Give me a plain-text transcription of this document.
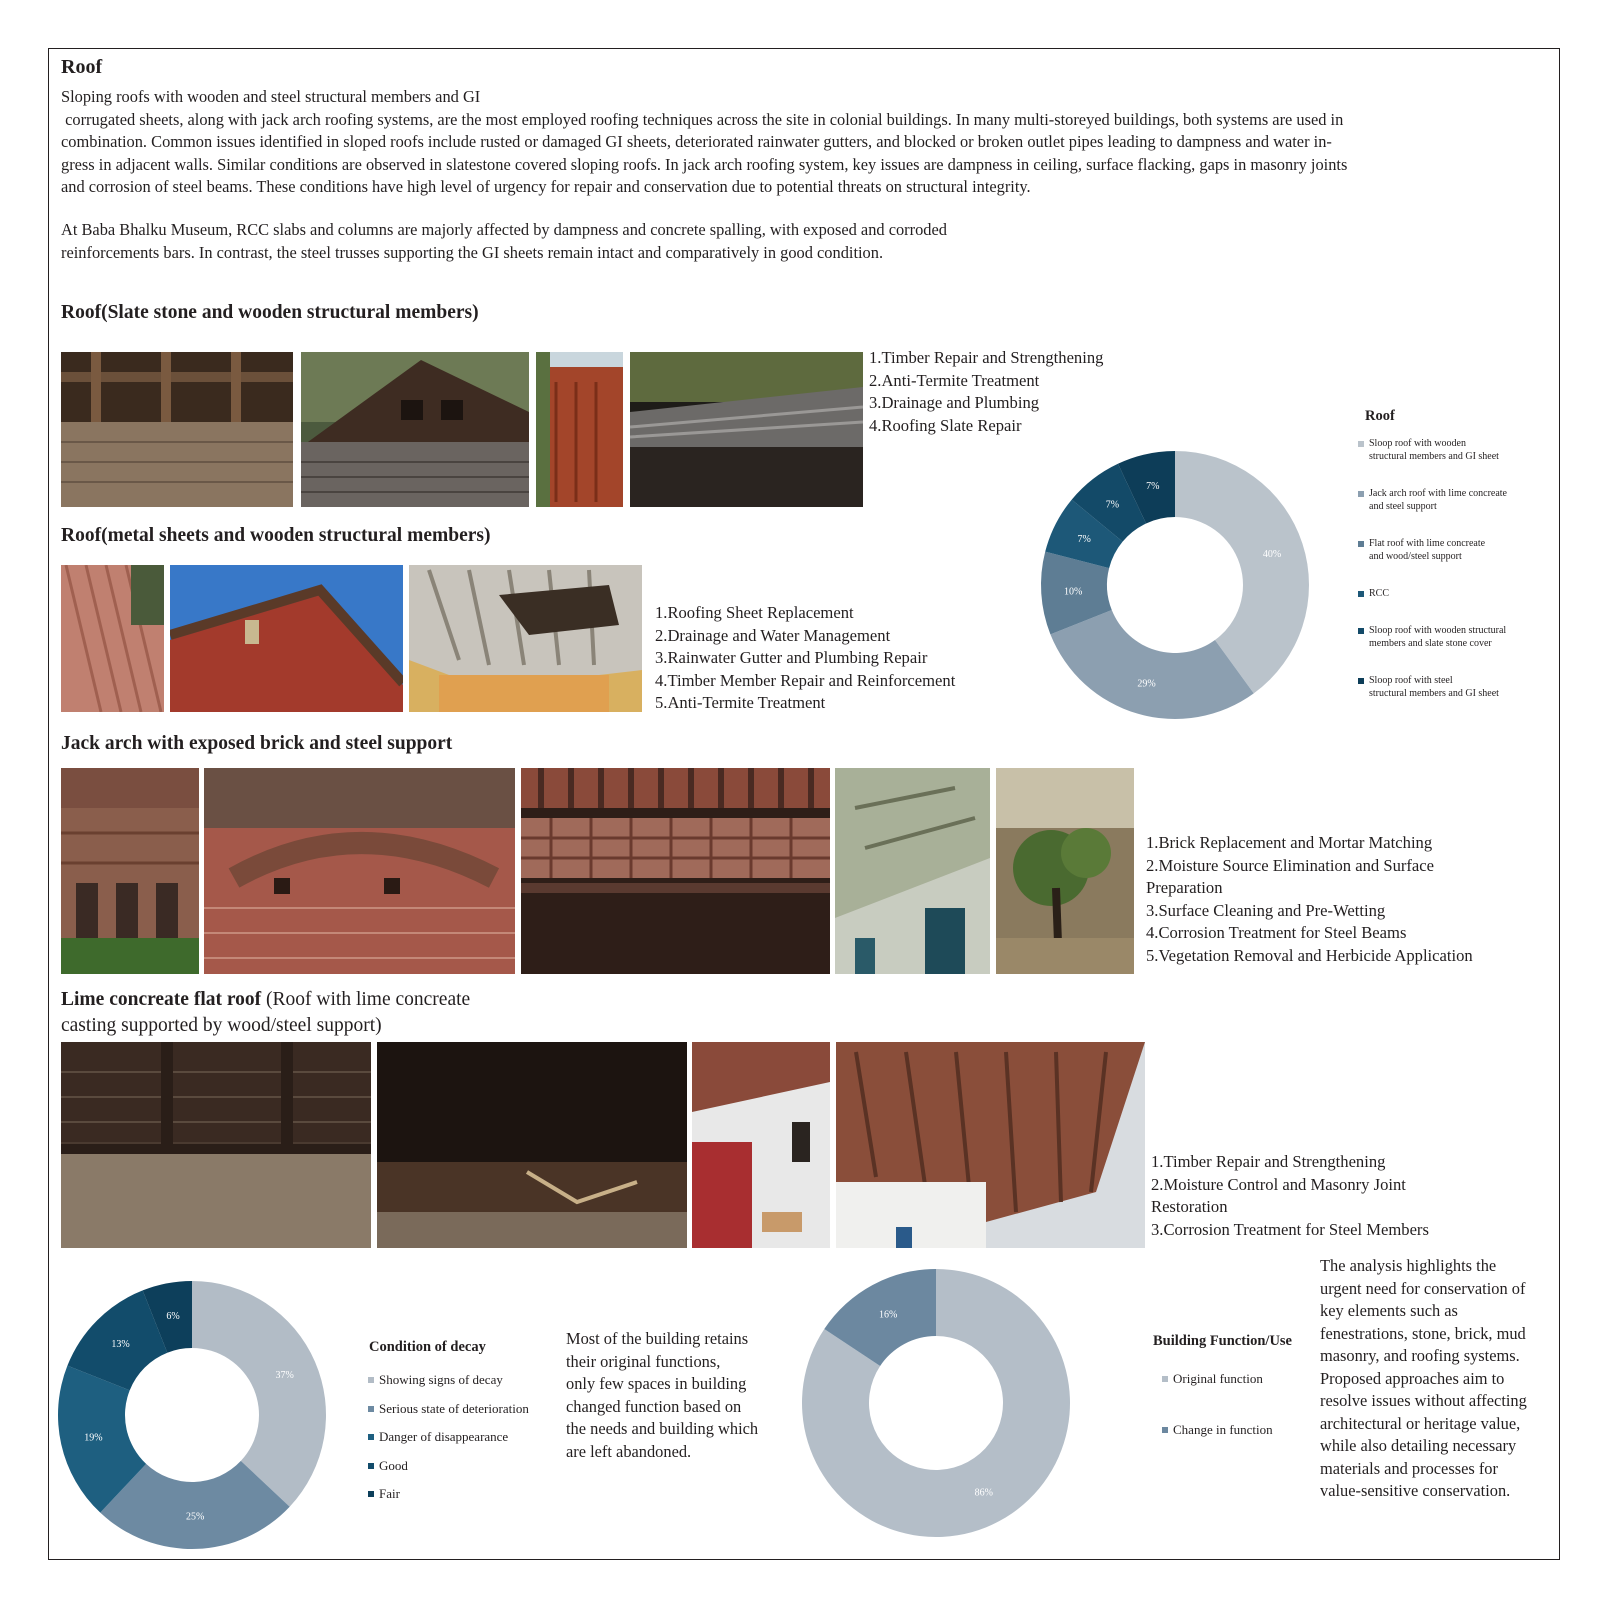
Roof
Sloping roofs with wooden and steel structural members and GI
corrugated sheets, along with jack arch roofing systems, are the most employed roofing techniques across the site in colonial buildings. In many multi-storeyed buildings, both systems are used in
combination. Common issues identified in sloped roofs include rusted or damaged GI sheets, deteriorated rainwater gutters, and blocked or broken outlet pipes leading to dampness and water in-
gress in adjacent walls. Similar conditions are observed in slatestone covered sloping roofs. In jack arch roofing system, key issues are dampness in ceiling, surface flacking, gaps in masonry joints
and corrosion of steel beams. These conditions have high level of urgency for repair and conservation due to potential threats on structural integrity.
At Baba Bhalku Museum, RCC slabs and columns are majorly affected by dampness and concrete spalling, with exposed and corroded
reinforcements bars. In contrast, the steel trusses supporting the GI sheets remain intact and comparatively in good condition.
Roof(Slate stone and wooden structural members)
1.Timber Repair and Strengthening
2.Anti-Termite Treatment
3.Drainage and Plumbing
4.Roofing Slate Repair
40%
29%
10%
7%
7%
7%
Roof
Sloop roof with wooden
structural members and GI sheet
Jack arch roof with lime concreate
and steel support
Flat roof with lime concreate
and wood/steel support
RCC
Sloop roof with wooden structural
members and slate stone cover
Sloop roof with steel
structural members and GI sheet
Roof(metal sheets and wooden structural members)
1.Roofing Sheet Replacement
2.Drainage and Water Management
3.Rainwater Gutter and Plumbing Repair
4.Timber Member Repair and Reinforcement
5.Anti-Termite Treatment
Jack arch with exposed brick and steel support
1.Brick Replacement and Mortar Matching
2.Moisture Source Elimination and Surface
Preparation
3.Surface Cleaning and Pre-Wetting
4.Corrosion Treatment for Steel Beams
5.Vegetation Removal and Herbicide Application
Lime concreate flat roof (Roof with lime concreate
casting supported by wood/steel support)
1.Timber Repair and Strengthening
2.Moisture Control and Masonry Joint
Restoration
3.Corrosion Treatment for Steel Members
37%
25%
19%
13%
6%
Condition of decay
Showing signs of decay
Serious state of deterioration
Danger of disappearance
Good
Fair
Most of the building retains
their original functions,
only few spaces in building
changed function based on
the needs and building which
are left abandoned.
86%
16%
Building Function/Use
Original function
Change in function
The analysis highlights the
urgent need for conservation of
key elements such as
fenestrations, stone, brick, mud
masonry, and roofing systems.
Proposed approaches aim to
resolve issues without affecting
architectural or heritage value,
while also detailing necessary
materials and processes for
value-sensitive conservation.
